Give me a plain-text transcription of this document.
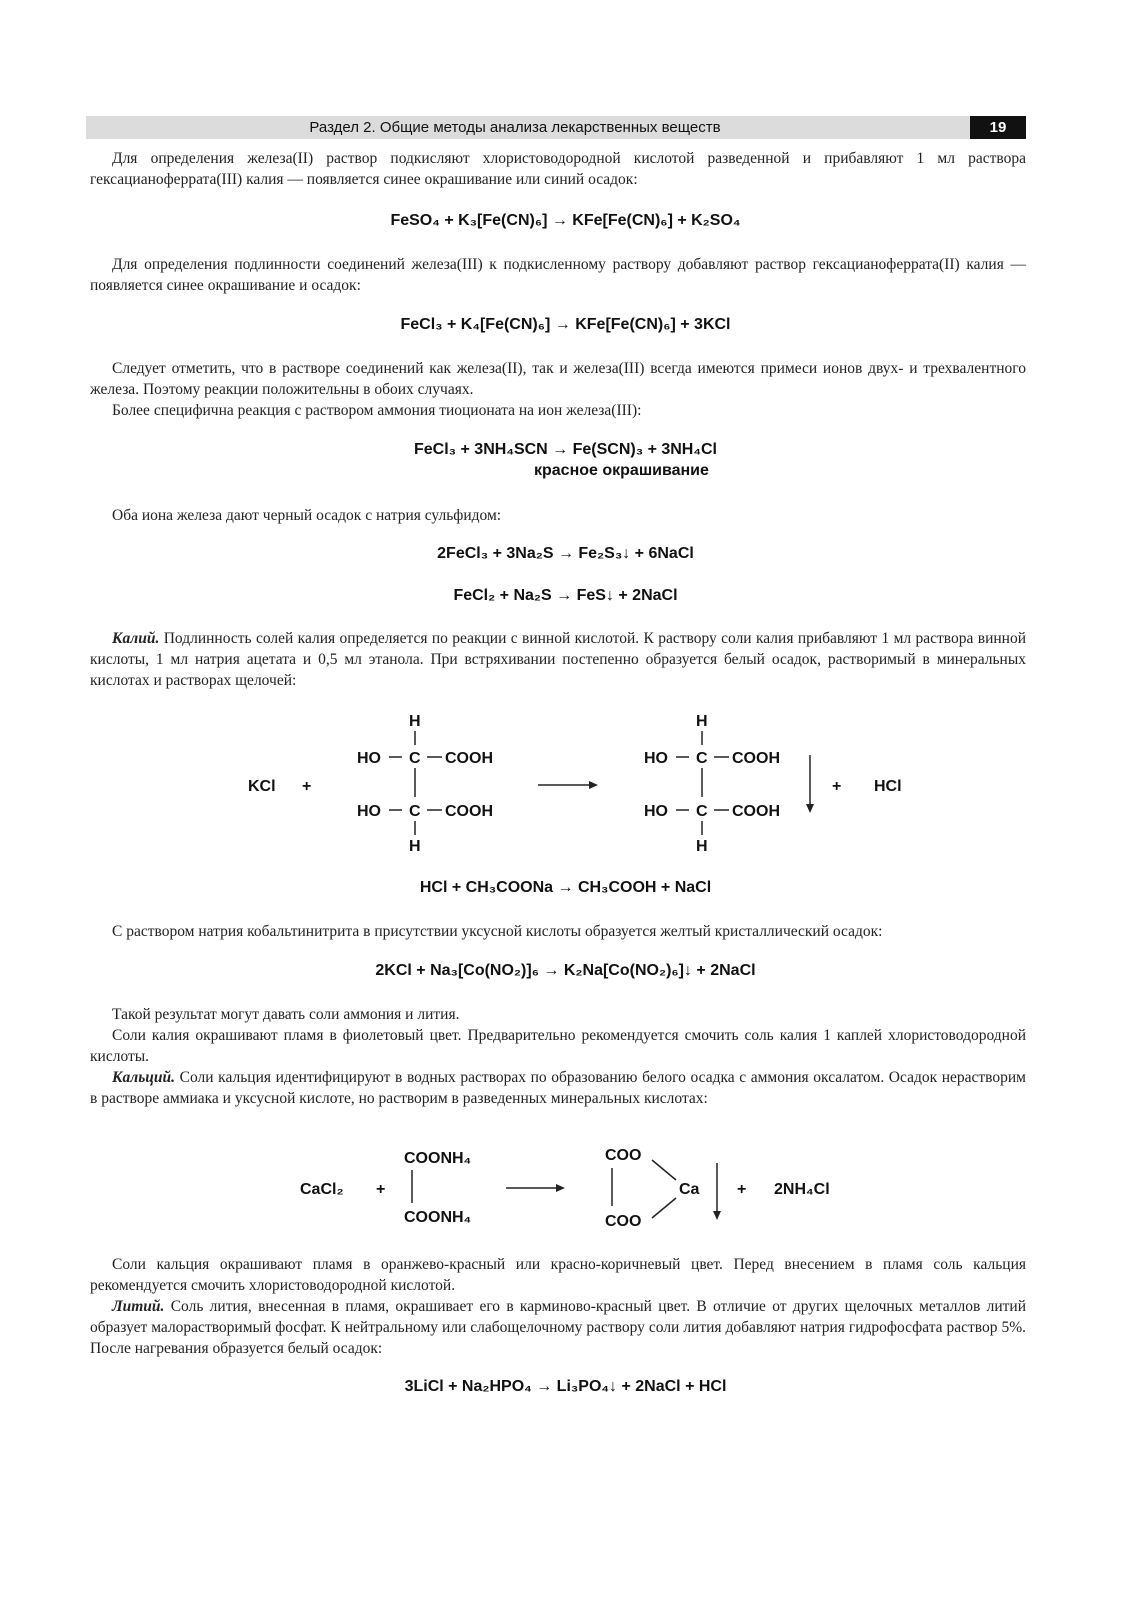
Раздел 2. Общие методы анализа лекарственных веществ	19
Для определения железа(II) раствор подкисляют хлористоводородной кислотой разведенной и прибавляют 1 мл раствора гексацианоферрата(III) калия — появляется синее окрашивание или синий осадок:
FeSO₄ + K₃[Fe(CN)₆] → KFe[Fe(CN)₆] + K₂SO₄
Для определения подлинности соединений железа(III) к подкисленному раствору добавляют раствор гексацианоферрата(II) калия — появляется синее окрашивание и осадок:
FeCl₃ + K₄[Fe(CN)₆] → KFe[Fe(CN)₆] + 3KCl
Следует отметить, что в растворе соединений как железа(II), так и железа(III) всегда имеются примеси ионов двух- и трехвалентного железа. Поэтому реакции положительны в обоих случаях.
Более специфична реакция с раствором аммония тиоционата на ион железа(III):
FeCl₃ + 3NH₄SCN → Fe(SCN)₃ + 3NH₄Cl
красное окрашивание
Оба иона железа дают черный осадок с натрия сульфидом:
2FeCl₃ + 3Na₂S → Fe₂S₃↓ + 6NaCl
FeCl₂ + Na₂S → FeS↓ + 2NaCl
Калий. Подлинность солей калия определяется по реакции с винной кислотой. К раствору соли калия прибавляют 1 мл раствора винной кислоты, 1 мл натрия ацетата и 0,5 мл этанола. При встряхивании постепенно образуется белый осадок, растворимый в минеральных кислотах и растворах щелочей:
KCl +
H
HO C COOH
HO C COOH
H
H
HO C COOH
HO C COOH
H
+ HCl
HCl + CH₃COONa → CH₃COOH + NaCl
С раствором натрия кобальтинитрита в присутствии уксусной кислоты образуется желтый кристаллический осадок:
2KCl + Na₃[Co(NO₂)]₆ → K₂Na[Co(NO₂)₆]↓ + 2NaCl
Такой результат могут давать соли аммония и лития.
Соли калия окрашивают пламя в фиолетовый цвет. Предварительно рекомендуется смочить соль калия 1 каплей хлористоводородной кислоты.
Кальций. Соли кальция идентифицируют в водных растворах по образованию белого осадка с аммония оксалатом. Осадок нерастворим в растворе аммиака и уксусной кислоте, но растворим в разведенных минеральных кислотах:
CaCl₂ +
COONH₄
COONH₄
COO
COO
Ca + 2NH₄Cl
Соли кальция окрашивают пламя в оранжево-красный или красно-коричневый цвет. Перед внесением в пламя соль кальция рекомендуется смочить хлористоводородной кислотой.
Литий. Соль лития, внесенная в пламя, окрашивает его в карминово-красный цвет. В отличие от других щелочных металлов литий образует малорастворимый фосфат. К нейтральному или слабощелочному раствору соли лития добавляют натрия гидрофосфата раствор 5%. После нагревания образуется белый осадок:
3LiCl + Na₂HPO₄ → Li₃PO₄↓ + 2NaCl + HCl
